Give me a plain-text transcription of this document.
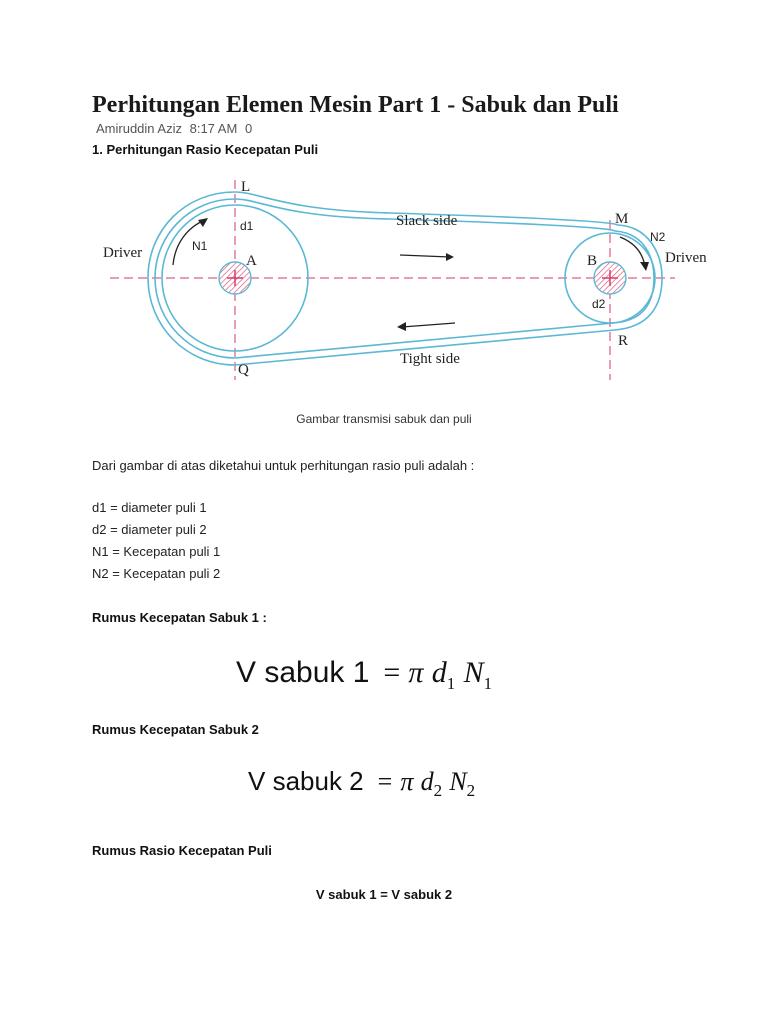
Perhitungan Elemen Mesin Part 1 - Sabuk dan Puli
Amiruddin Aziz 8:17 AM 0
1. Perhitungan Rasio Kecepatan Puli
L
M
Q
R
A	B
d1
d2
N1
N2
Driver	Driven
Slack side
Tight side
Gambar transmisi sabuk dan puli
Dari gambar di atas diketahui untuk perhitungan rasio puli adalah :
d1 = diameter puli 1
d2 = diameter puli 2
N1 = Kecepatan puli 1
N2 = Kecepatan puli 2
Rumus Kecepatan Sabuk 1 :
V sabuk 1 = π $d_1$ $N_1$
Rumus Kecepatan Sabuk 2
V sabuk 2 = π $d_2$ $N_2$
Rumus Rasio Kecepatan Puli
V sabuk 1 = V sabuk 2
